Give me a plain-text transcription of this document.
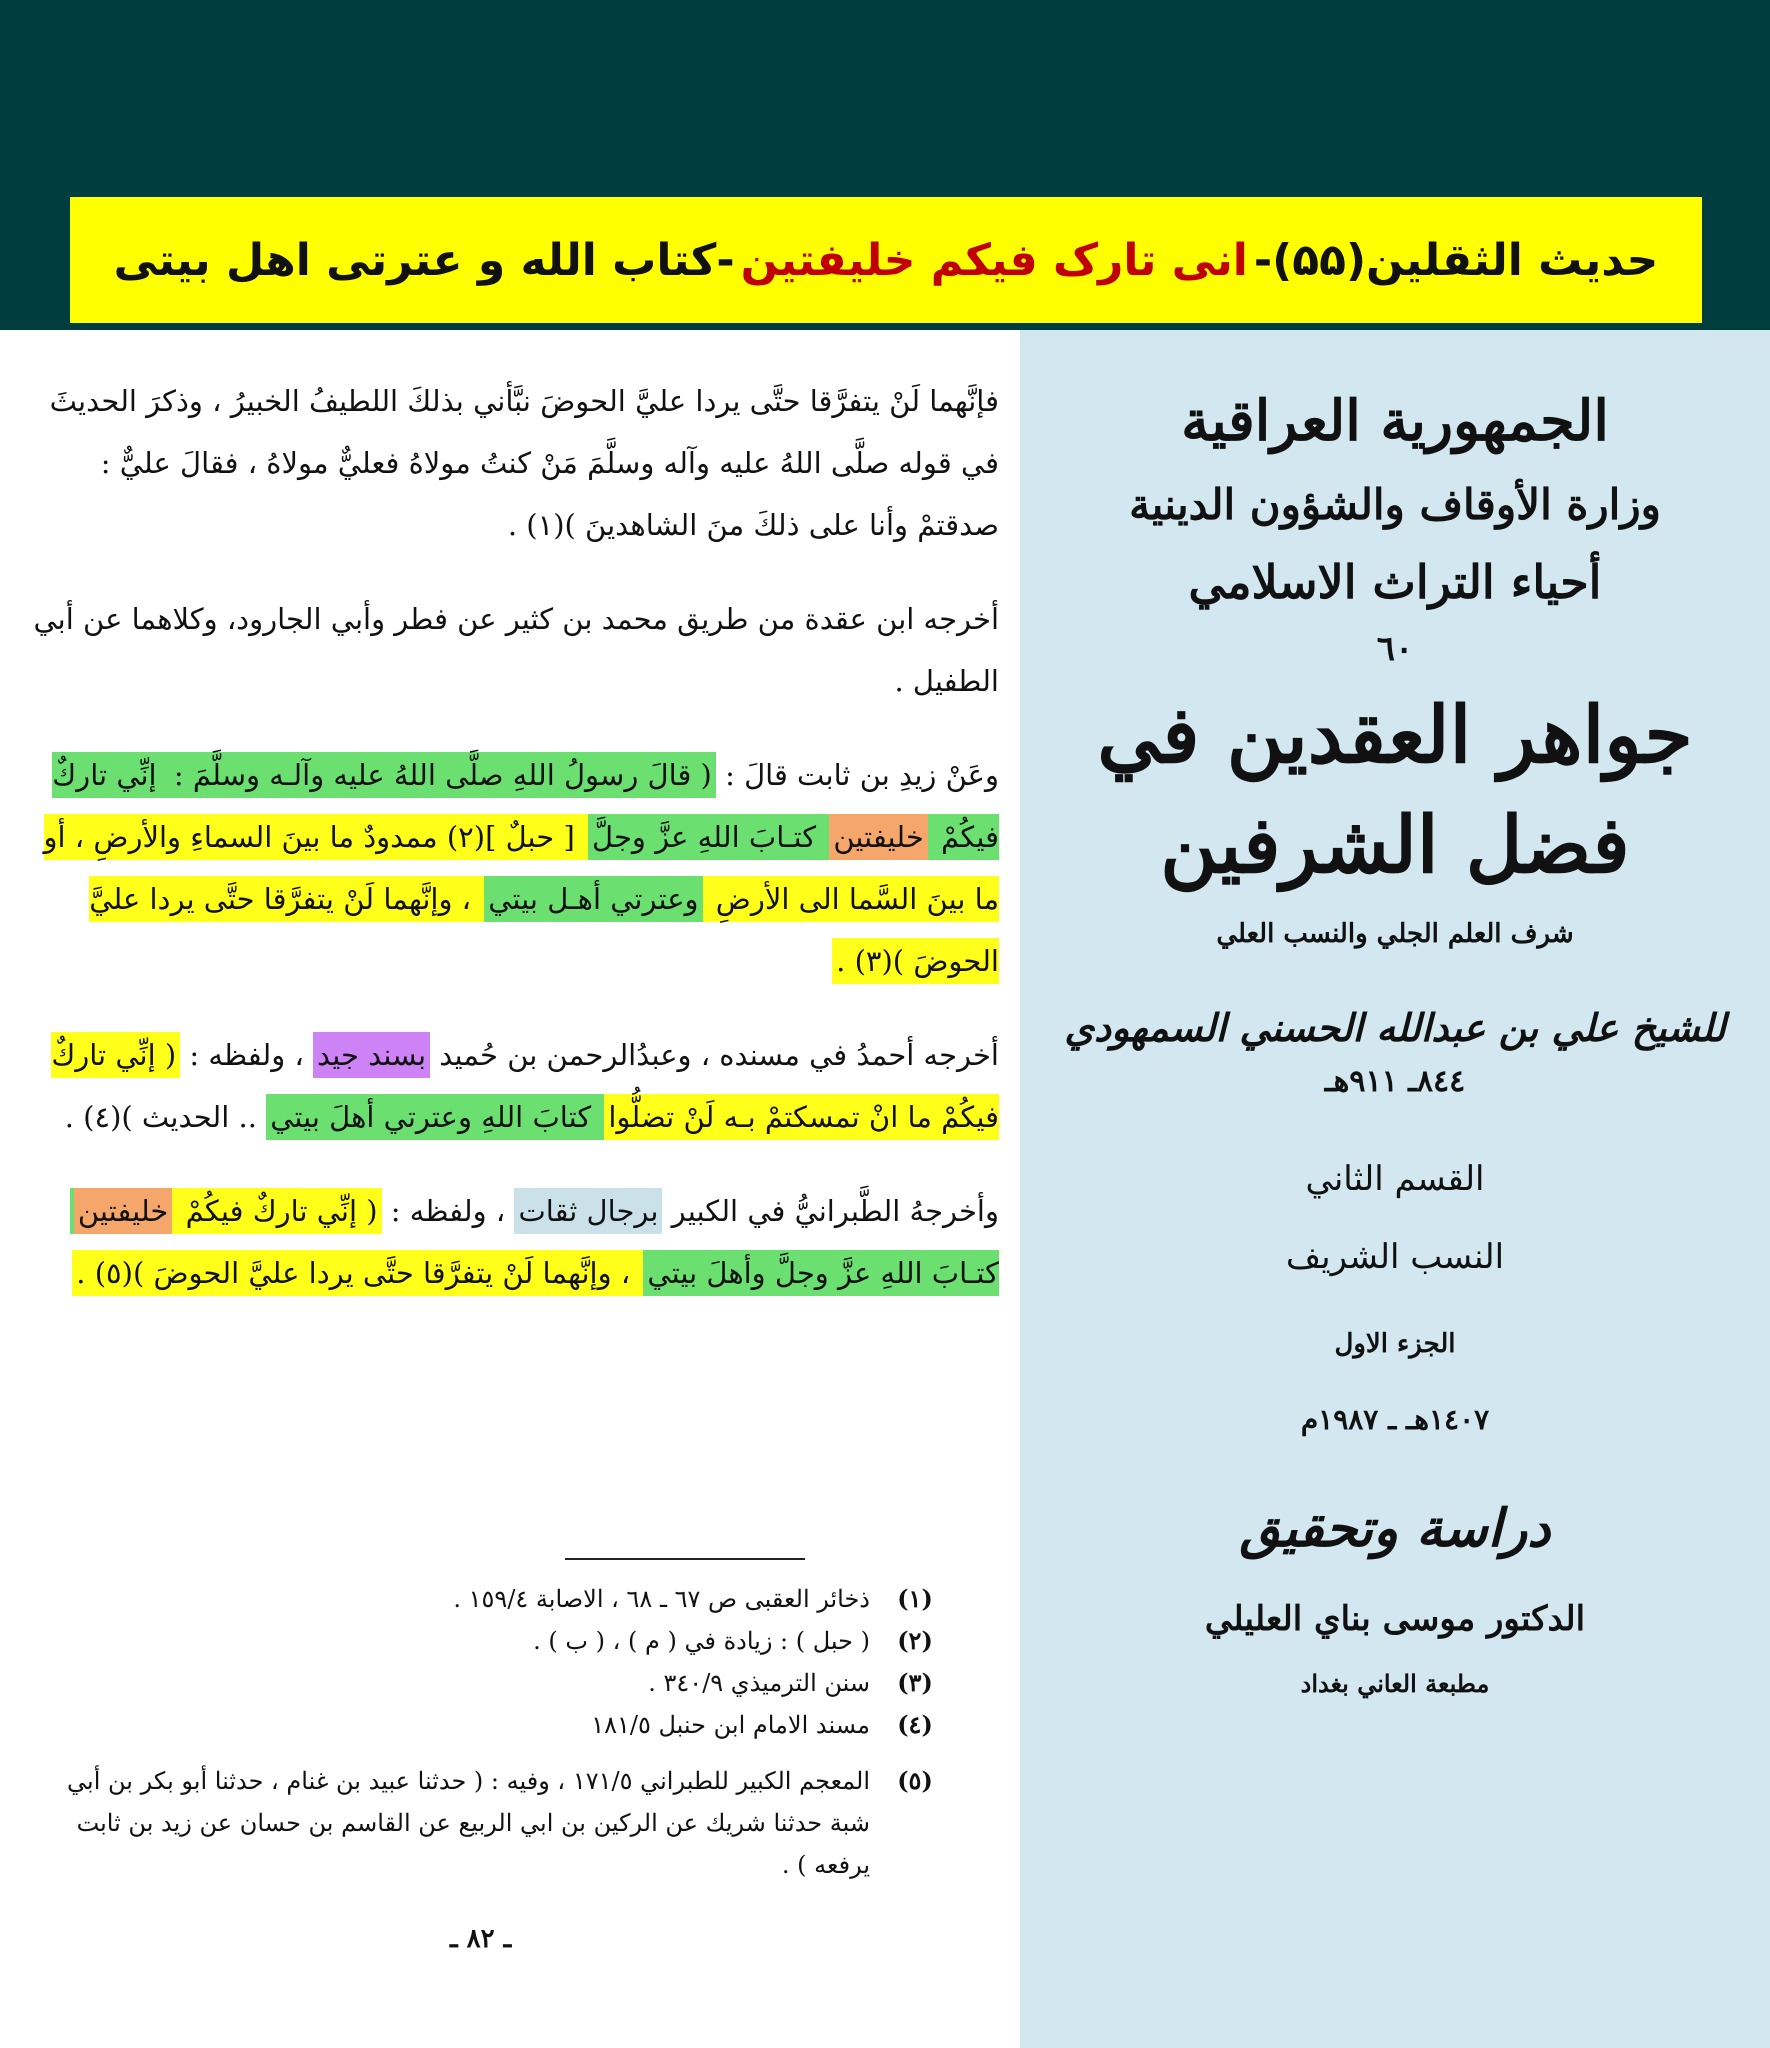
حديث الثقلين(۵۵)-
انی تارک فیکم خلیفتین
-کتاب الله و عترتی اهل بیتی

فإنَّهما لَنْ يتفرَّقا حتَّى يردا عليَّ الحوضَ نبَّأني بذلكَ اللطيفُ الخبيرُ ، وذكرَ الحديثَ في قوله صلَّى اللهُ عليه وآله وسلَّمَ مَنْ كنتُ مولاهُ فعليٌّ مولاهُ ، فقالَ عليٌّ : صدقتمْ وأنا على ذلكَ منَ الشاهدينَ )(١) .

أخرجه ابن عقدة من طريق محمد بن كثير عن فطر وأبي الجارود، وكلاهما عن أبي الطفيل .

وعَنْ زيدِ بن ثابت قالَ : ( قالَ رسولُ اللهِ صلَّى اللهُ عليه وآلـه وسلَّمَ : إنِّي تاركٌ فيكُمْ خليفتين كتـابَ اللهِ عزَّ وجلَّ [ حبلٌ ](٢) ممدودٌ ما بينَ السماءِ والأرضِ ، أو ما بينَ السَّما الى الأرضِ وعترتي أهـل بيتي ، وإنَّهما لَنْ يتفرَّقا حتَّى يردا عليَّ الحوضَ )(٣) .

أخرجه أحمدُ في مسنده ، وعبدُالرحمن بن حُميد بسند جيد ، ولفظه : ( إنِّي تاركٌ فيكُمْ ما انْ تمسكتمْ بـه لَنْ تضلُّوا كتابَ اللهِ وعترتي أهلَ بيتي .. الحديث )(٤) .

وأخرجهُ الطَّبرانيُّ في الكبير برجال ثقات ، ولفظه : ( إنِّي تاركٌ فيكُمْ خليفتين كتـابَ اللهِ عزَّ وجلَّ وأهلَ بيتي ، وإنَّهما لَنْ يتفرَّقا حتَّى يردا عليَّ الحوضَ )(٥) .

(١)
ذخائر العقبى ص ٦٧ ـ ٦٨ ، الاصابة ١٥٩/٤ .
(٢)
( حبل ) : زيادة في ( م ) ، ( ب ) .
(٣)
سنن الترميذي ٣٤٠/٩ .
(٤)
مسند الامام ابن حنبل ١٨١/٥
(٥)
المعجم الكبير للطبراني ١٧١/٥ ، وفيه : ( حدثنا عبيد بن غنام ، حدثنا أبو بكر بن أبي شبة حدثنا شريك عن الركين بن ابي الربيع عن القاسم بن حسان عن زيد بن ثابت يرفعه ) .
ـ ٨٢ ـ
الجمهورية العراقية
وزارة الأوقاف والشؤون الدينية
أحياء التراث الاسلامي
٦٠
جواهر العقدين في فضل الشرفين
شرف العلم الجلي والنسب العلي
للشيخ علي بن عبدالله الحسني السمهودي
٨٤٤ـ ٩١١هـ
القسم الثاني
النسب الشريف
الجزء الاول
١٤٠٧هـ ـ ١٩٨٧م
دراسة وتحقيق
الدكتور موسى بناي العليلي
مطبعة العاني بغداد
